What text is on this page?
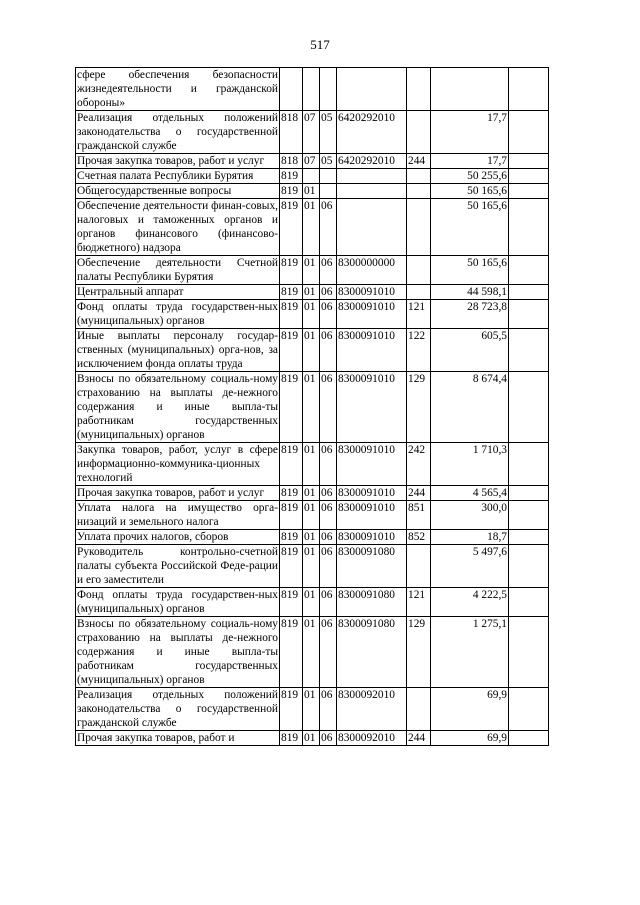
517
сфере обеспечения безопасности жизнедеятельности и гражданской обороны»							
Реализация отдельных положений законодательства о государственной гражданской службе	818	07	05	6420292010		17,7	
Прочая закупка товаров, работ и услуг	818	07	05	6420292010	244	17,7	
Счетная палата Республики Бурятия	819					50 255,6	
Общегосударственные вопросы	819	01				50 165,6	
Обеспечение деятельности финан-совых, налоговых и таможенных органов и органов финансового (финансово-бюджетного) надзора	819	01	06			50 165,6	
Обеспечение деятельности Счетной палаты Республики Бурятия	819	01	06	8300000000		50 165,6	
Центральный аппарат	819	01	06	8300091010		44 598,1	
Фонд оплаты труда государствен-ных (муниципальных) органов	819	01	06	8300091010	121	28 723,8	
Иные выплаты персоналу государ-ственных (муниципальных) орга-нов, за исключением фонда оплаты труда	819	01	06	8300091010	122	605,5	
Взносы по обязательному социаль-ному страхованию на выплаты де-нежного содержания и иные выпла-ты работникам государственных (муниципальных) органов	819	01	06	8300091010	129	8 674,4	
Закупка товаров, работ, услуг в сфере информационно-коммуника-ционных технологий	819	01	06	8300091010	242	1 710,3	
Прочая закупка товаров, работ и услуг	819	01	06	8300091010	244	4 565,4	
Уплата налога на имущество орга-низаций и земельного налога	819	01	06	8300091010	851	300,0	
Уплата прочих налогов, сборов	819	01	06	8300091010	852	18,7	
Руководитель контрольно-счетной палаты субъекта Российской Феде-рации и его заместители	819	01	06	8300091080		5 497,6	
Фонд оплаты труда государствен-ных (муниципальных) органов	819	01	06	8300091080	121	4 222,5	
Взносы по обязательному социаль-ному страхованию на выплаты де-нежного содержания и иные выпла-ты работникам государственных (муниципальных) органов	819	01	06	8300091080	129	1 275,1	
Реализация отдельных положений законодательства о государственной гражданской службе	819	01	06	8300092010		69,9	
Прочая закупка товаров, работ и	819	01	06	8300092010	244	69,9	
